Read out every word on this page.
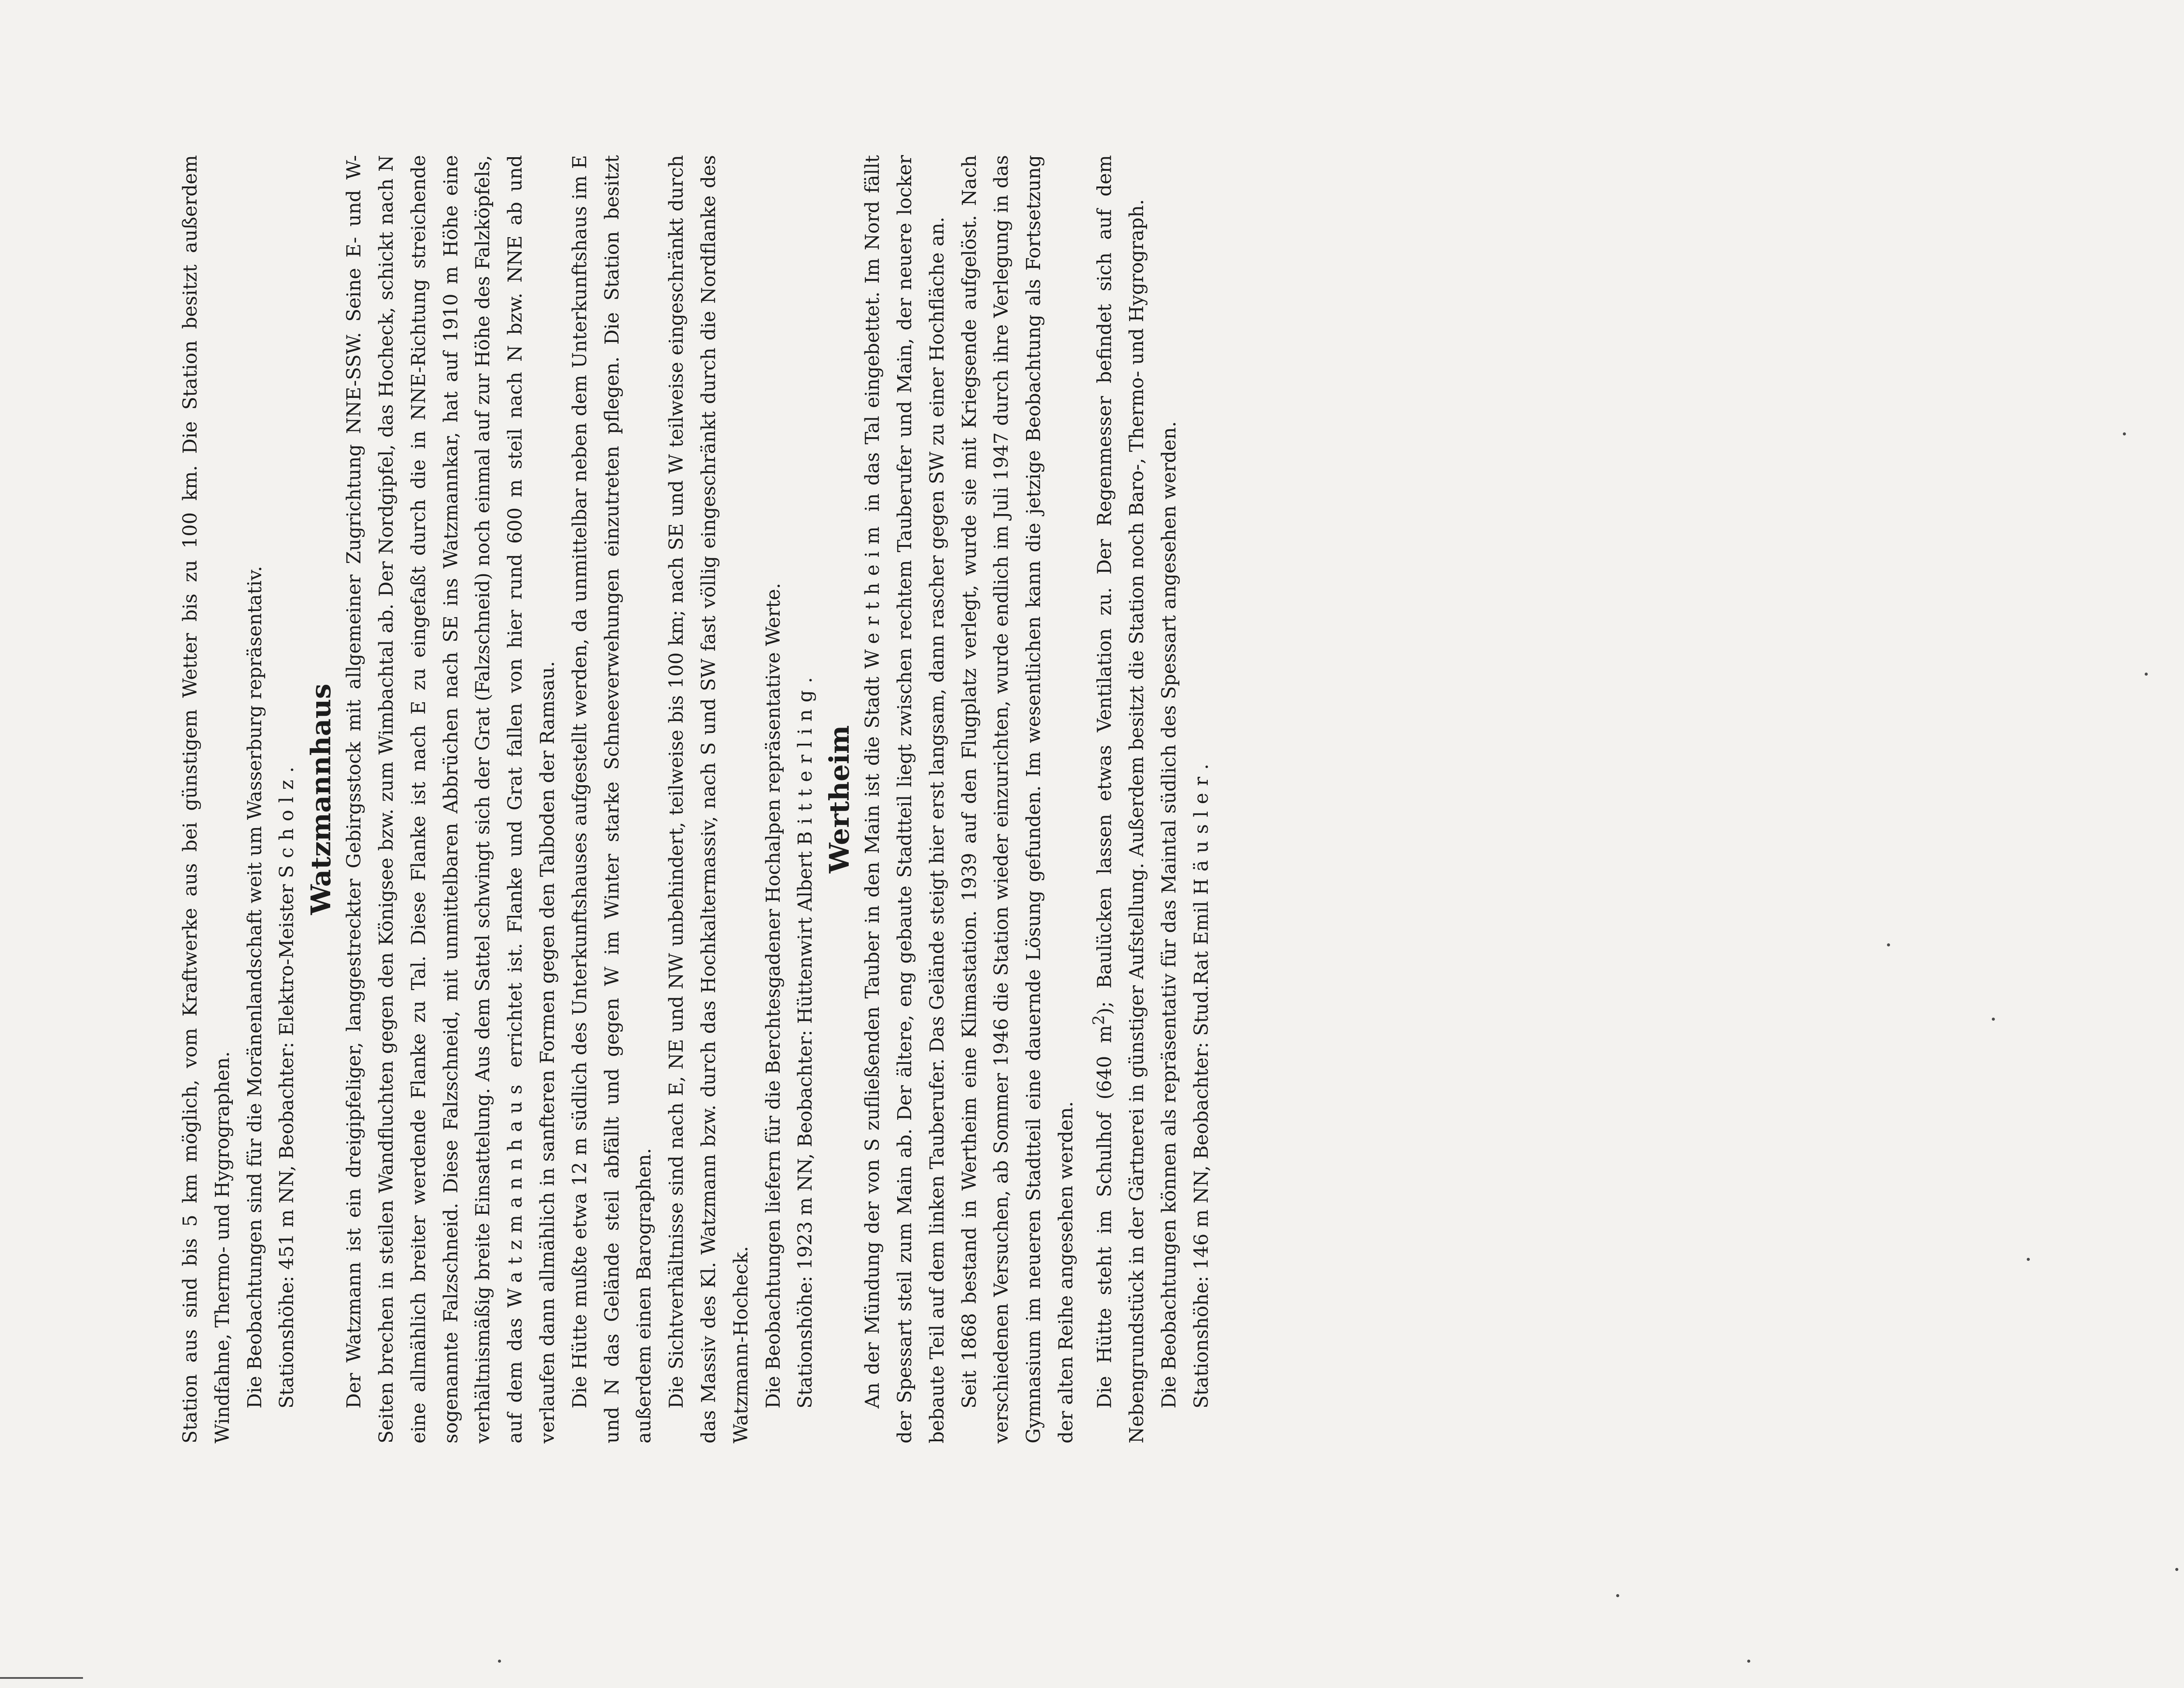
Station aus sind bis 5 km möglich, vom Kraftwerke aus bei günstigem Wetter bis zu 100 km. Die Station besitzt außerdem Windfahne, Thermo- und Hygrographen. Die Beobachtungen sind für die Moränenlandschaft weit um Wasserburg repräsentativ. Stationshöhe: 451 m NN, Beobachter: Elektro-Meister Scholz. Watzmannhaus Der Watzmann ist ein dreigipfeliger, langgestreckter Gebirgsstock mit allgemeiner Zugrichtung NNE-SSW. Seine E- und W-Seiten brechen in steilen Wandfluchten gegen den Königsee bzw. zum Wimbachtal ab. Der Nordgipfel, das Hocheck, schickt nach N eine allmählich breiter werdende Flanke zu Tal. Diese Flanke ist nach E zu eingefaßt durch die in NNE-Richtung streichende sogenannte Falzschneid. Diese Falzschneid, mit unmittelbaren Abbrüchen nach SE ins Watzmannkar, hat auf 1910 m Höhe eine verhältnismäßig breite Einsattelung. Aus dem Sattel schwingt sich der Grat (Falzschneid) noch einmal auf zur Höhe des Falzköpfels, auf dem das Watzmannhaus errichtet ist. Flanke und Grat fallen von hier rund 600 m steil nach N bzw. NNE ab und verlaufen dann allmählich in sanfteren Formen gegen den Talboden der Ramsau. Die Hütte mußte etwa 12 m südlich des Unterkunftshauses aufgestellt werden, da unmittelbar neben dem Unterkunftshaus im E und N das Gelände steil abfällt und gegen W im Winter starke Schneeverwehungen einzutreten pflegen. Die Station besitzt außerdem einen Barographen. Die Sichtverhältnisse sind nach E, NE und NW unbehindert, teilweise bis 100 km; nach SE und W teilweise eingeschränkt durch das Massiv des Kl. Watzmann bzw. durch das Hochkaltermassiv, nach S und SW fast völlig eingeschränkt durch die Nordflanke des Watzmann-Hocheck. Die Beobachtungen liefern für die Berchtesgadener Hochalpen repräsentative Werte. Stationshöhe: 1923 m NN, Beobachter: Hüttenwirt Albert Bitterling.

Wertheim An der Mündung der von S zufließenden Tauber in den Main ist die Stadt Wertheim in das Tal eingebettet. Im Nord fällt der Spessart steil zum Main ab. Der ältere, eng gebaute Stadtteil liegt zwischen rechtem Tauberufer und Main, der neuere locker bebaute Teil auf dem linken Tauberufer. Das Gelände steigt hier erst langsam, dann rascher gegen SW zu einer Hochfläche an. Seit 1868 bestand in Wertheim eine Klimastation. 1939 auf den Flugplatz verlegt, wurde sie mit Kriegsende aufgelöst. Nach verschiedenen Versuchen, ab Sommer 1946 die Station wieder einzurichten, wurde endlich im Juli 1947 durch ihre Verlegung in das Gymnasium im neueren Stadtteil eine dauernde Lösung gefunden. Im wesentlichen kann die jetzige Beobachtung als Fortsetzung der alten Reihe angesehen werden. Die Hütte steht im Schulhof (640 $m^2$); Baulücken lassen etwas Ventilation zu. Der Regenmesser befindet sich auf dem Nebengrundstück in der Gärtnerei in günstiger Aufstellung. Außerdem besitzt die Station noch Baro-, Thermo- und Hygrograph. Die Beobachtungen können als repräsentativ für das Maintal südlich des Spessart angesehen werden. Stationshöhe: 146 m NN, Beobachter: Stud.Rat Emil Häusler.
